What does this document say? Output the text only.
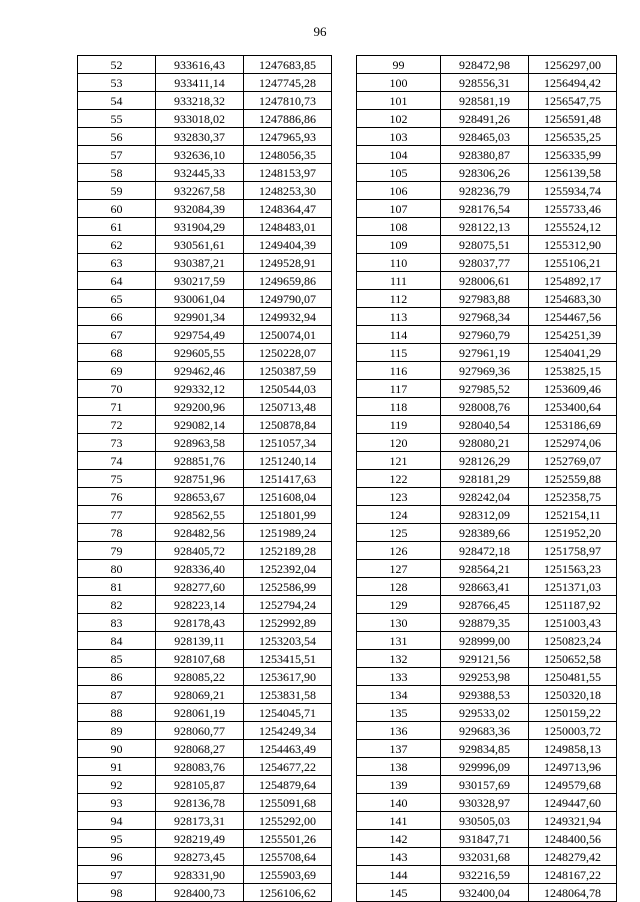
96
52	933616,43	1247683,85
53	933411,14	1247745,28
54	933218,32	1247810,73
55	933018,02	1247886,86
56	932830,37	1247965,93
57	932636,10	1248056,35
58	932445,33	1248153,97
59	932267,58	1248253,30
60	932084,39	1248364,47
61	931904,29	1248483,01
62	930561,61	1249404,39
63	930387,21	1249528,91
64	930217,59	1249659,86
65	930061,04	1249790,07
66	929901,34	1249932,94
67	929754,49	1250074,01
68	929605,55	1250228,07
69	929462,46	1250387,59
70	929332,12	1250544,03
71	929200,96	1250713,48
72	929082,14	1250878,84
73	928963,58	1251057,34
74	928851,76	1251240,14
75	928751,96	1251417,63
76	928653,67	1251608,04
77	928562,55	1251801,99
78	928482,56	1251989,24
79	928405,72	1252189,28
80	928336,40	1252392,04
81	928277,60	1252586,99
82	928223,14	1252794,24
83	928178,43	1252992,89
84	928139,11	1253203,54
85	928107,68	1253415,51
86	928085,22	1253617,90
87	928069,21	1253831,58
88	928061,19	1254045,71
89	928060,77	1254249,34
90	928068,27	1254463,49
91	928083,76	1254677,22
92	928105,87	1254879,64
93	928136,78	1255091,68
94	928173,31	1255292,00
95	928219,49	1255501,26
96	928273,45	1255708,64
97	928331,90	1255903,69
98	928400,73	1256106,62
99	928472,98	1256297,00
100	928556,31	1256494,42
101	928581,19	1256547,75
102	928491,26	1256591,48
103	928465,03	1256535,25
104	928380,87	1256335,99
105	928306,26	1256139,58
106	928236,79	1255934,74
107	928176,54	1255733,46
108	928122,13	1255524,12
109	928075,51	1255312,90
110	928037,77	1255106,21
111	928006,61	1254892,17
112	927983,88	1254683,30
113	927968,34	1254467,56
114	927960,79	1254251,39
115	927961,19	1254041,29
116	927969,36	1253825,15
117	927985,52	1253609,46
118	928008,76	1253400,64
119	928040,54	1253186,69
120	928080,21	1252974,06
121	928126,29	1252769,07
122	928181,29	1252559,88
123	928242,04	1252358,75
124	928312,09	1252154,11
125	928389,66	1251952,20
126	928472,18	1251758,97
127	928564,21	1251563,23
128	928663,41	1251371,03
129	928766,45	1251187,92
130	928879,35	1251003,43
131	928999,00	1250823,24
132	929121,56	1250652,58
133	929253,98	1250481,55
134	929388,53	1250320,18
135	929533,02	1250159,22
136	929683,36	1250003,72
137	929834,85	1249858,13
138	929996,09	1249713,96
139	930157,69	1249579,68
140	930328,97	1249447,60
141	930505,03	1249321,94
142	931847,71	1248400,56
143	932031,68	1248279,42
144	932216,59	1248167,22
145	932400,04	1248064,78
